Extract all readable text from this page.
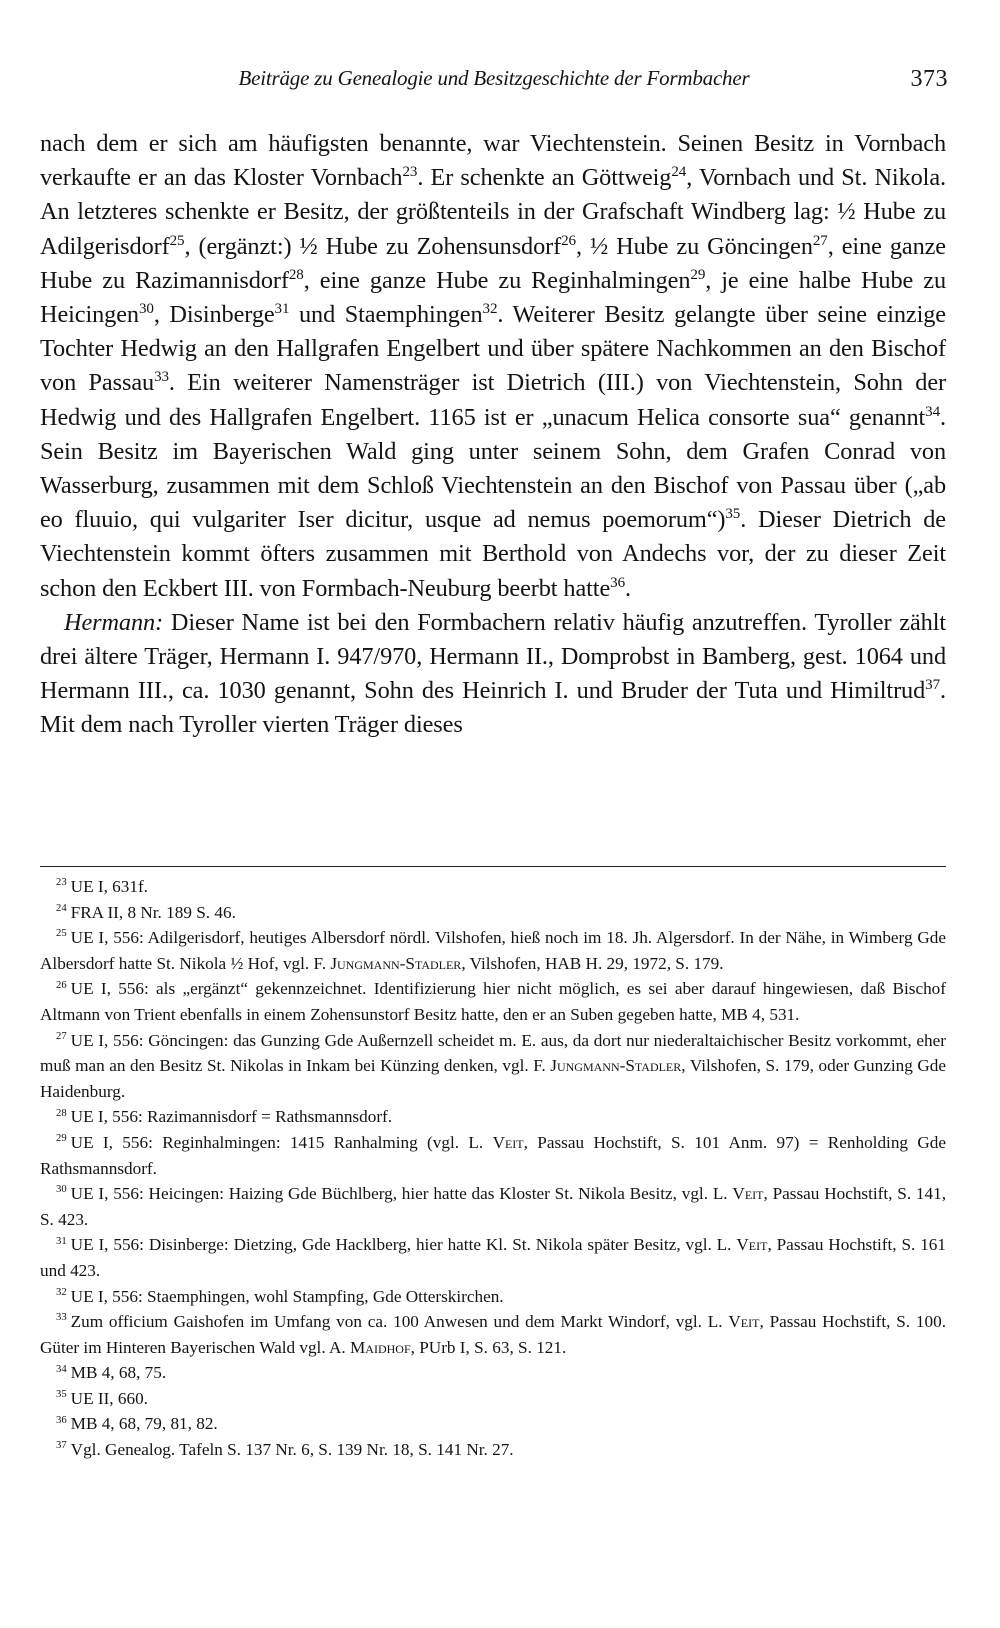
Beiträge zu Genealogie und Besitzgeschichte der Formbacher	373

nach dem er sich am häufigsten benannte, war Viechtenstein. Seinen Besitz in Vornbach verkaufte er an das Kloster Vornbach$^{23}$. Er schenkte an Göttweig$^{24}$, Vornbach und St. Nikola. An letzteres schenkte er Besitz, der größtenteils in der Grafschaft Windberg lag: ½ Hube zu Adilgerisdorf$^{25}$, (ergänzt:) ½ Hube zu Zohensunsdorf$^{26}$, ½ Hube zu Göncingen$^{27}$, eine ganze Hube zu Razimannisdorf$^{28}$, eine ganze Hube zu Reginhalmingen$^{29}$, je eine halbe Hube zu Heicingen$^{30}$, Disinberge$^{31}$ und Staemphingen$^{32}$. Weiterer Besitz gelangte über seine einzige Tochter Hedwig an den Hallgrafen Engelbert und über spätere Nachkommen an den Bischof von Passau$^{33}$. Ein weiterer Namensträger ist Dietrich (III.) von Viechtenstein, Sohn der Hedwig und des Hallgrafen Engelbert. 1165 ist er „unacum Helica consorte sua“ genannt$^{34}$. Sein Besitz im Bayerischen Wald ging unter seinem Sohn, dem Grafen Conrad von Wasserburg, zusammen mit dem Schloß Viechtenstein an den Bischof von Passau über („ab eo fluuio, qui vulgariter Iser dicitur, usque ad nemus poemorum“)$^{35}$. Dieser Dietrich de Viechtenstein kommt öfters zusammen mit Berthold von Andechs vor, der zu dieser Zeit schon den Eckbert III. von Formbach-Neuburg beerbt hatte$^{36}$.

Hermann: Dieser Name ist bei den Formbachern relativ häufig anzutreffen. Tyroller zählt drei ältere Träger, Hermann I. 947/970, Hermann II., Domprobst in Bamberg, gest. 1064 und Hermann III., ca. 1030 genannt, Sohn des Heinrich I. und Bruder der Tuta und Himiltrud$^{37}$. Mit dem nach Tyroller vierten Träger dieses

$^{23}$ UE I, 631f.

$^{24}$ FRA II, 8 Nr. 189 S. 46.

$^{25}$ UE I, 556: Adilgerisdorf, heutiges Albersdorf nördl. Vilshofen, hieß noch im 18. Jh. Algersdorf. In der Nähe, in Wimberg Gde Albersdorf hatte St. Nikola ½ Hof, vgl. F. Jungmann-Stadler, Vilshofen, HAB H. 29, 1972, S. 179.

$^{26}$ UE I, 556: als „ergänzt“ gekennzeichnet. Identifizierung hier nicht möglich, es sei aber darauf hingewiesen, daß Bischof Altmann von Trient ebenfalls in einem Zohensunstorf Besitz hatte, den er an Suben gegeben hatte, MB 4, 531.

$^{27}$ UE I, 556: Göncingen: das Gunzing Gde Außernzell scheidet m. E. aus, da dort nur niederaltaichischer Besitz vorkommt, eher muß man an den Besitz St. Nikolas in Inkam bei Künzing denken, vgl. F. Jungmann-Stadler, Vilshofen, S. 179, oder Gunzing Gde Haidenburg.

$^{28}$ UE I, 556: Razimannisdorf = Rathsmannsdorf.

$^{29}$ UE I, 556: Reginhalmingen: 1415 Ranhalming (vgl. L. Veit, Passau Hochstift, S. 101 Anm. 97) = Renholding Gde Rathsmannsdorf.

$^{30}$ UE I, 556: Heicingen: Haizing Gde Büchlberg, hier hatte das Kloster St. Nikola Besitz, vgl. L. Veit, Passau Hochstift, S. 141, S. 423.

$^{31}$ UE I, 556: Disinberge: Dietzing, Gde Hacklberg, hier hatte Kl. St. Nikola später Besitz, vgl. L. Veit, Passau Hochstift, S. 161 und 423.

$^{32}$ UE I, 556: Staemphingen, wohl Stampfing, Gde Otterskirchen.

$^{33}$ Zum officium Gaishofen im Umfang von ca. 100 Anwesen und dem Markt Windorf, vgl. L. Veit, Passau Hochstift, S. 100. Güter im Hinteren Bayerischen Wald vgl. A. Maidhof, PUrb I, S. 63, S. 121.

$^{34}$ MB 4, 68, 75.

$^{35}$ UE II, 660.

$^{36}$ MB 4, 68, 79, 81, 82.

$^{37}$ Vgl. Genealog. Tafeln S. 137 Nr. 6, S. 139 Nr. 18, S. 141 Nr. 27.
